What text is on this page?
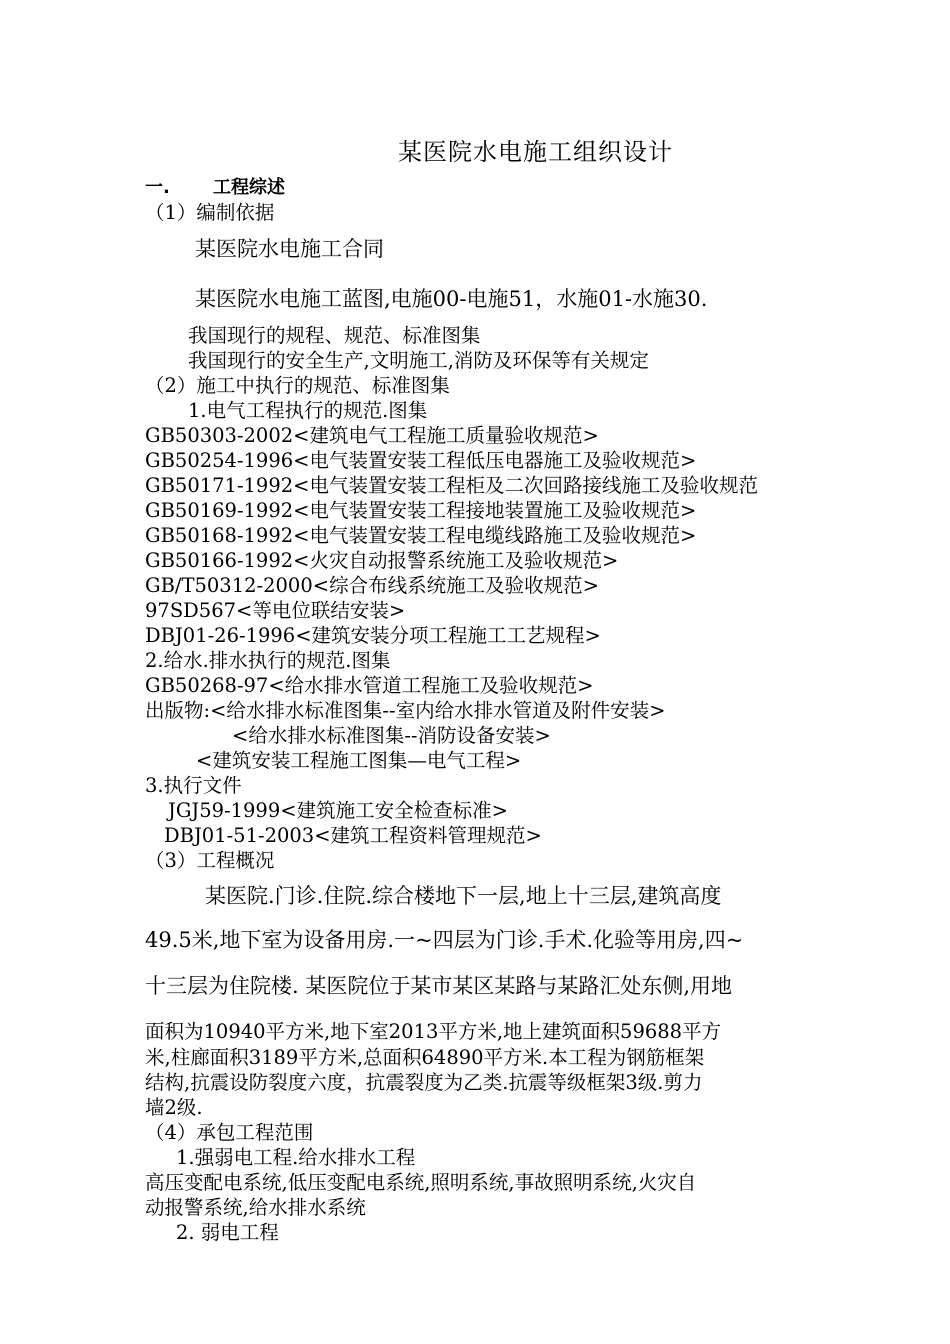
某医院水电施工组织设计
一. 工程综述
（1）编制依据
某医院水电施工合同
某医院水电施工蓝图,电施00-电施51，水施01-水施30.
我国现行的规程、规范、标准图集
我国现行的安全生产,文明施工,消防及环保等有关规定
（2）施工中执行的规范、标准图集
1.电气工程执行的规范.图集
GB50303-2002<建筑电气工程施工质量验收规范>
GB50254-1996<电气装置安装工程低压电器施工及验收规范>
GB50171-1992<电气装置安装工程柜及二次回路接线施工及验收规范
GB50169-1992<电气装置安装工程接地装置施工及验收规范>
GB50168-1992<电气装置安装工程电缆线路施工及验收规范>
GB50166-1992<火灾自动报警系统施工及验收规范>
GB/T50312-2000<综合布线系统施工及验收规范>
97SD567<等电位联结安装>
DBJ01-26-1996<建筑安装分项工程施工工艺规程>
2.给水.排水执行的规范.图集
GB50268-97<给水排水管道工程施工及验收规范>
出版物:<给水排水标准图集--室内给水排水管道及附件安装>
<给水排水标准图集--消防设备安装>
<建筑安装工程施工图集—电气工程>
3.执行文件
JGJ59-1999<建筑施工安全检查标准>
DBJ01-51-2003<建筑工程资料管理规范>
（3）工程概况
某医院.门诊.住院.综合楼地下一层,地上十三层,建筑高度
49.5米,地下室为设备用房.一~四层为门诊.手术.化验等用房,四~
十三层为住院楼. 某医院位于某市某区某路与某路汇处东侧,用地
面积为10940平方米,地下室2013平方米,地上建筑面积59688平方
米,柱廊面积3189平方米,总面积64890平方米.本工程为钢筋框架
结构,抗震设防裂度六度，抗震裂度为乙类.抗震等级框架3级.剪力
墙2级.
（4）承包工程范围
1.强弱电工程.给水排水工程
高压变配电系统,低压变配电系统,照明系统,事故照明系统,火灾自
动报警系统,给水排水系统
2. 弱电工程
